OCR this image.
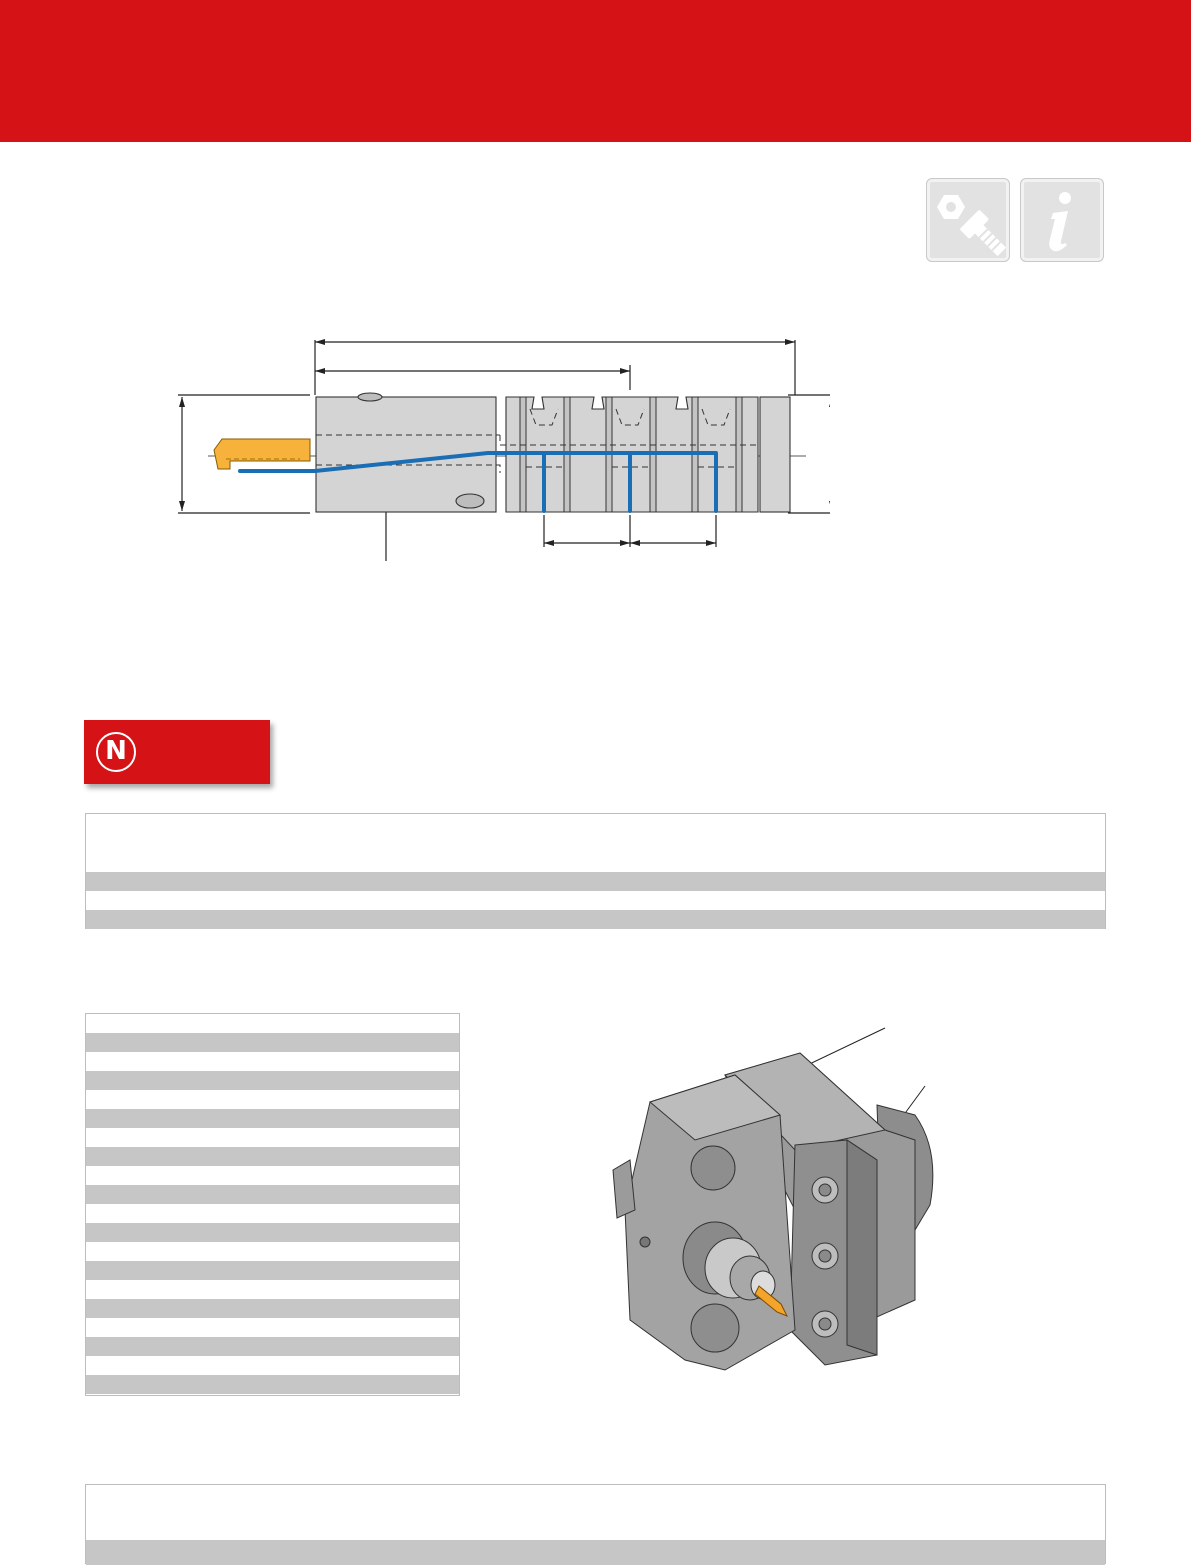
N
